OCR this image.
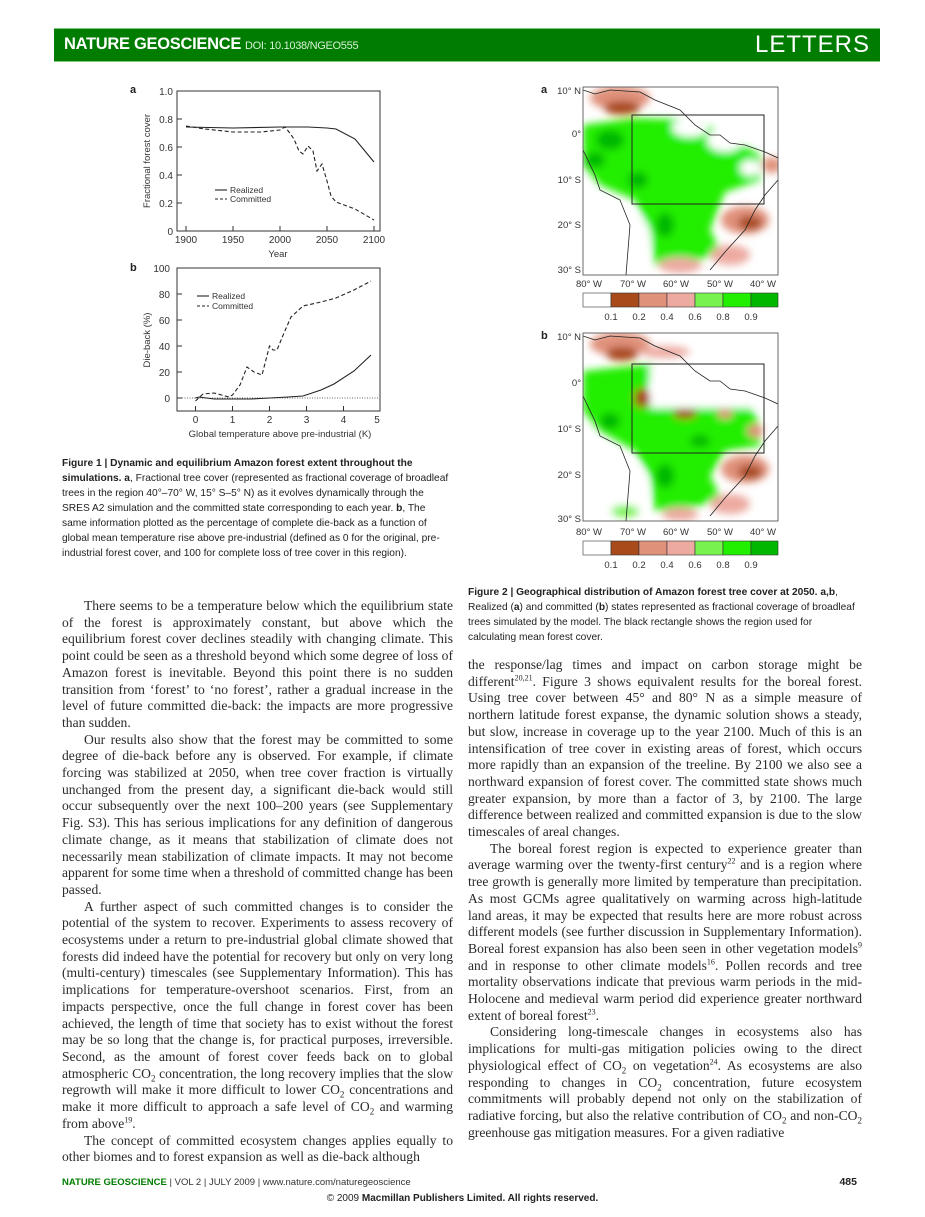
NATURE GEOSCIENCE DOI: 10.1038/NGEO555	LETTERS
a
0
0.2
0.4
0.6
0.8
1.0
1900 1950 2000 2050 2100
Year
Fractional forest cover	Realized
Committed
b
0
20
40
60
80
100
0	1	2	3	4	5
Global temperature above pre-industrial (K)
Die-back (%)
Realized
Committed
Figure 1 | Dynamic and equilibrium Amazon forest extent throughout the simulations. a, Fractional tree cover (represented as fractional coverage of broadleaf trees in the region 40°–70° W, 15° S–5° N) as it evolves dynamically through the SRES A2 simulation and the committed state corresponding to each year. b, The same information plotted as the percentage of complete die-back as a function of global mean temperature rise above pre-industrial (defined as 0 for the original, pre-industrial forest cover, and 100 for complete loss of tree cover in this region).
a 10° N
0°
10° S
20° S
30° S
80° W 70° W 60° W 50° W 40° W
0.1 0.2 0.4 0.6 0.8 0.9
b 10° N
0°
10° S
20° S
30° S
80° W 70° W 60° W 50° W 40° W
0.1 0.2 0.4 0.6 0.8 0.9
Figure 2 | Geographical distribution of Amazon forest tree cover at 2050. a,b, Realized (a) and committed (b) states represented as fractional coverage of broadleaf trees simulated by the model. The black rectangle shows the region used for calculating mean forest cover.

There seems to be a temperature below which the equilibrium state of the forest is approximately constant, but above which the equilibrium forest cover declines steadily with changing climate. This point could be seen as a threshold beyond which some degree of loss of Amazon forest is inevitable. Beyond this point there is no sudden transition from ‘forest’ to ‘no forest’, rather a gradual increase in the level of future committed die-back: the impacts are more progressive than sudden.

Our results also show that the forest may be committed to some degree of die-back before any is observed. For example, if climate forcing was stabilized at 2050, when tree cover fraction is virtually unchanged from the present day, a significant die-back would still occur subsequently over the next 100–200 years (see Supplementary Fig. S3). This has serious implications for any definition of dangerous climate change, as it means that stabilization of climate does not necessarily mean stabilization of climate impacts. It may not become apparent for some time when a threshold of committed change has been passed.

A further aspect of such committed changes is to consider the potential of the system to recover. Experiments to assess recovery of ecosystems under a return to pre-industrial global climate showed that forests did indeed have the potential for recovery but only on very long (multi-century) timescales (see Supplementary Information). This has implications for temperature-overshoot scenarios. First, from an impacts perspective, once the full change in forest cover has been achieved, the length of time that society has to exist without the forest may be so long that the change is, for practical purposes, irreversible. Second, as the amount of forest cover feeds back on to global atmospheric $CO_2$ concentration, the long recovery implies that the slow regrowth will make it more difficult to lower $CO_2$ concentrations and make it more difficult to approach a safe level of $CO_2$ and warming from above$^{19}$.

The concept of committed ecosystem changes applies equally to other biomes and to forest expansion as well as die-back although

the response/lag times and impact on carbon storage might be different$^{20,21}$. Figure 3 shows equivalent results for the boreal forest. Using tree cover between 45° and 80° N as a simple measure of northern latitude forest expanse, the dynamic solution shows a steady, but slow, increase in coverage up to the year 2100. Much of this is an intensification of tree cover in existing areas of forest, which occurs more rapidly than an expansion of the treeline. By 2100 we also see a northward expansion of forest cover. The committed state shows much greater expansion, by more than a factor of 3, by 2100. The large difference between realized and committed expansion is due to the slow timescales of areal changes.

The boreal forest region is expected to experience greater than average warming over the twenty-first century$^{22}$ and is a region where tree growth is generally more limited by temperature than precipitation. As most GCMs agree qualitatively on warming across high-latitude land areas, it may be expected that results here are more robust across different models (see further discussion in Supplementary Information). Boreal forest expansion has also been seen in other vegetation models$^9$ and in response to other climate models$^{16}$. Pollen records and tree mortality observations indicate that previous warm periods in the mid-Holocene and medieval warm period did experience greater northward extent of boreal forest$^{23}$.

Considering long-timescale changes in ecosystems also has implications for multi-gas mitigation policies owing to the direct physiological effect of $CO_2$ on vegetation$^{24}$. As ecosystems are also responding to changes in $CO_2$ concentration, future ecosystem commitments will probably depend not only on the stabilization of radiative forcing, but also the relative contribution of $CO_2$ and non-$CO_2$ greenhouse gas mitigation measures. For a given radiative

NATURE GEOSCIENCE | VOL 2 | JULY 2009 | www.nature.com/naturegeoscience	485
© 2009 Macmillan Publishers Limited. All rights reserved.
